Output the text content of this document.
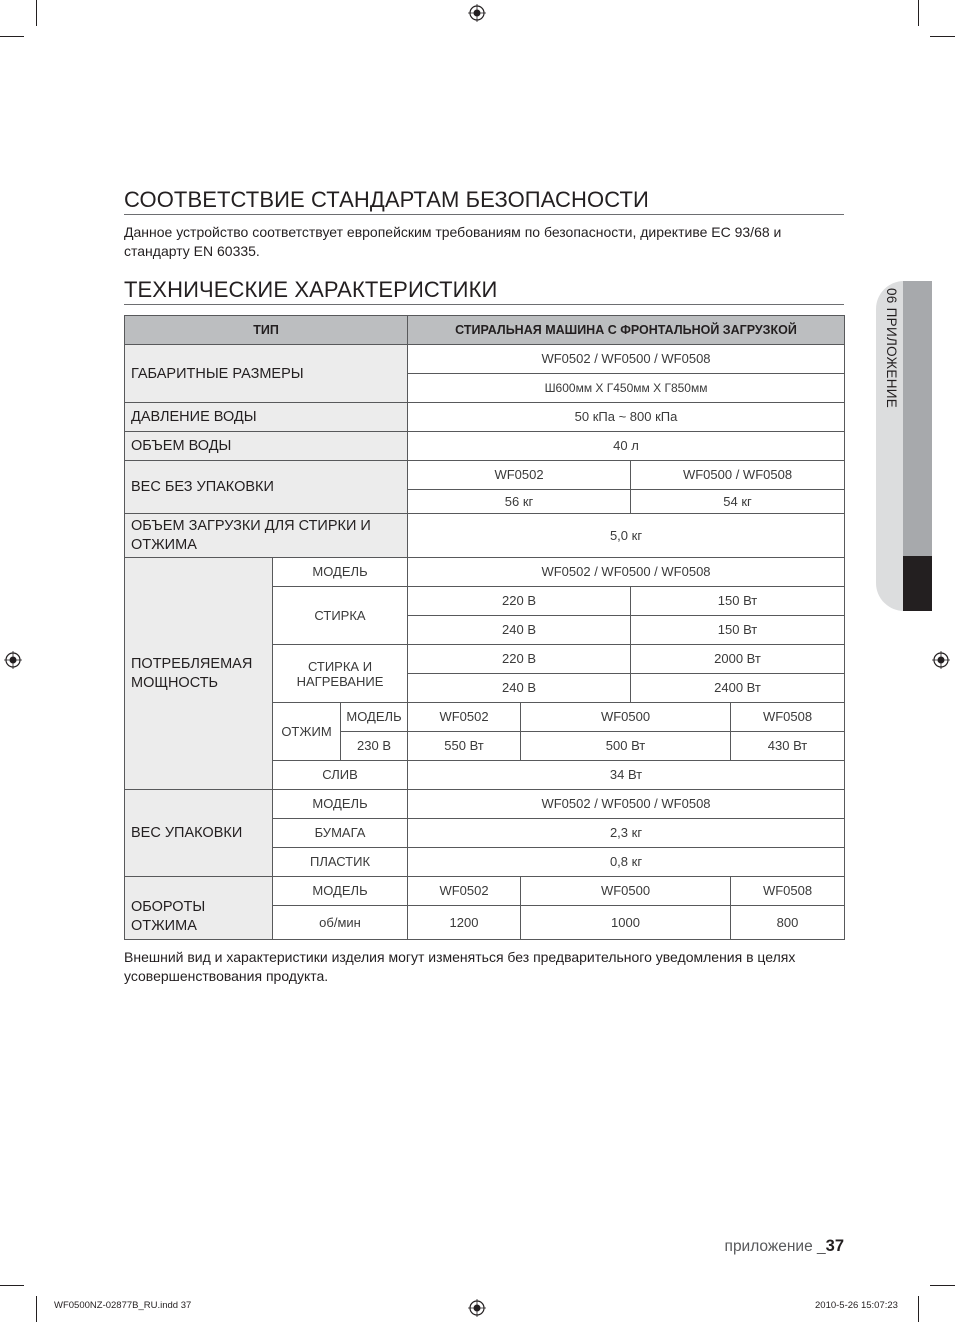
СООТВЕТСТВИЕ СТАНДАРТАМ БЕЗОПАСНОСТИ

Данное устройство соответствует европейским требованиям по безопасности, директиве EC 93/68 и стандарту EN 60335.

ТЕХНИЧЕСКИЕ ХАРАКТЕРИСТИКИ
ТИП			СТИРАЛЬНАЯ МАШИНА С ФРОНТАЛЬНОЙ ЗАГРУЗКОЙ			
ГАБАРИТНЫЕ РАЗМЕРЫ			WF0502 / WF0500 / WF0508			
			Ш600мм X Г450мм X Г850мм			
ДАВЛЕНИЕ ВОДЫ			50 кПа ~ 800 кПа			
ОБЪЕМ ВОДЫ			40 л			
ВЕС БЕЗ УПАКОВКИ			WF0502		WF0500 / WF0508	
			56 кг		54 кг	
ОБЪЕМ ЗАГРУЗКИ ДЛЯ СТИРКИ И ОТЖИМА			5,0 кг			
ПОТРЕБЛЯЕМАЯ МОЩНОСТЬ	МОДЕЛЬ		WF0502 / WF0500 / WF0508			
	СТИРКА		220 В		150 Вт	
			240 В		150 Вт	
	СТИРКА И НАГРЕВАНИЕ		220 В		2000 Вт	
			240 В		2400 Вт	
	ОТЖИМ	МОДЕЛЬ	WF0502	WF0500		WF0508
		230 В	550 Вт	500 Вт		430 Вт
	СЛИВ		34 Вт			
ВЕС УПАКОВКИ	МОДЕЛЬ		WF0502 / WF0500 / WF0508			
	БУМАГА		2,3 кг			
	ПЛАСТИК		0,8 кг			
ОБОРОТЫ ОТЖИМА	МОДЕЛЬ		WF0502	WF0500		WF0508
	об/мин		1200	1000		800

Внешний вид и характеристики изделия могут изменяться без предварительного уведомления в целях усовершенствования продукта.

06 ПРИЛОЖЕНИЕ
приложение _37
WF0500NZ-02877B_RU.indd 37	2010-5-26 15:07:23
